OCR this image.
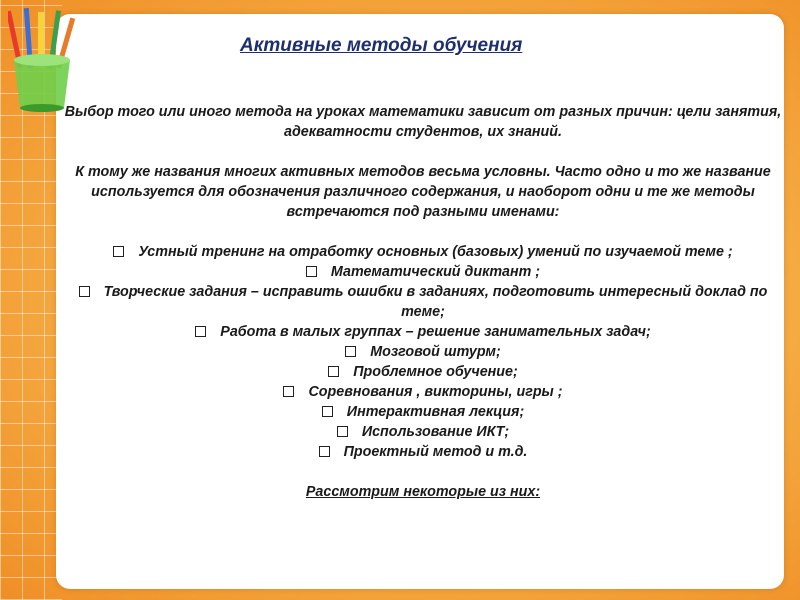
Активные методы обучения

Выбор того или иного метода на уроках математики зависит от разных причин: цели занятия, адекватности студентов, их знаний.

К тому же названия многих активных методов весьма условны. Часто одно и то же название используется для обозначения различного содержания, и наоборот одни и те же методы встречаются под разными именами:

Устный тренинг на отработку основных (базовых) умений по изучаемой теме ;
Математический диктант ;
Творческие задания – исправить ошибки в заданиях, подготовить интересный доклад по теме;
Работа в малых группах – решение занимательных задач;
Мозговой штурм;
Проблемное обучение;
Соревнования , викторины, игры ;
Интерактивная лекция;
Использование ИКТ;
Проектный метод и т.д.

Рассмотрим некоторые из них:
